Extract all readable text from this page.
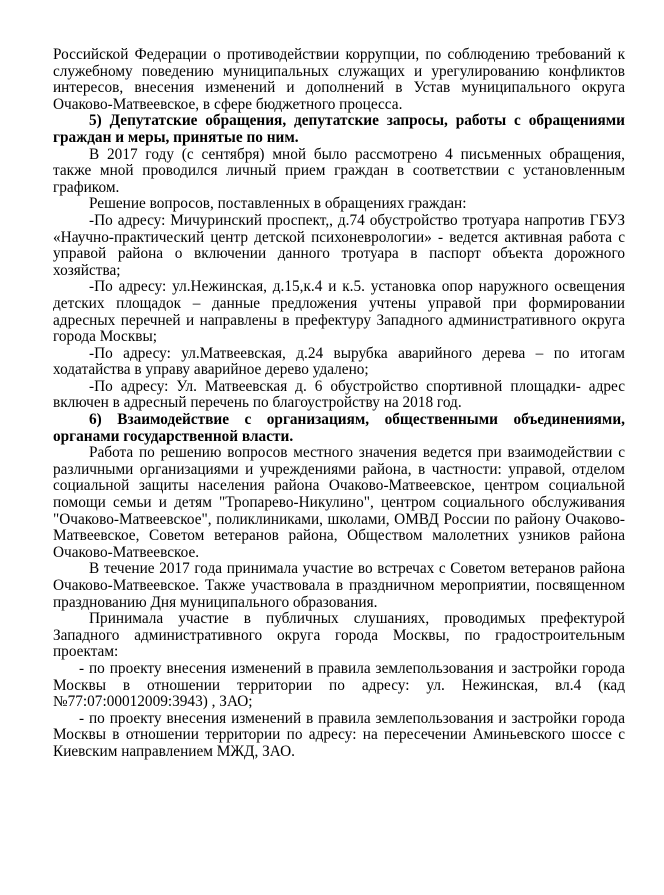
Российской Федерации о противодействии коррупции, по соблюдению требований к служебному поведению муниципальных служащих и урегулированию конфликтов интересов, внесения изменений и дополнений в Устав муниципального округа Очаково-Матвеевское, в сфере бюджетного процесса.

5) Депутатские обращения, депутатские запросы, работы с обращениями граждан и меры, принятые по ним.

В 2017 году (с сентября) мной было рассмотрено 4 письменных обращения, также мной проводился личный прием граждан в соответствии с установленным графиком.

Решение вопросов, поставленных в обращениях граждан:

-По адресу: Мичуринский проспект,, д.74 обустройство тротуара напротив ГБУЗ «Научно-практический центр детской психоневрологии» - ведется активная работа с управой района о включении данного тротуара в паспорт объекта дорожного хозяйства;

-По адресу: ул.Нежинская, д.15,к.4 и к.5. установка опор наружного освещения детских площадок – данные предложения учтены управой при формировании адресных перечней и направлены в префектуру Западного административного округа города Москвы;

-По адресу: ул.Матвеевская, д.24 вырубка аварийного дерева – по итогам ходатайства в управу аварийное дерево удалено;

-По адресу: Ул. Матвеевская д. 6 обустройство спортивной площадки- адрес включен в адресный перечень по благоустройству на 2018 год.

6) Взаимодействие с организациям, общественными объединениями, органами государственной власти.

Работа по решению вопросов местного значения ведется при взаимодействии с различными организациями и учреждениями района, в частности: управой, отделом социальной защиты населения района Очаково-Матвеевское, центром социальной помощи семьи и детям "Тропарево-Никулино", центром социального обслуживания "Очаково-Матвеевское", поликлиниками, школами, ОМВД России по району Очаково-Матвеевское, Советом ветеранов района, Обществом малолетних узников района Очаково-Матвеевское.

В течение 2017 года принимала участие во встречах с Советом ветеранов района Очаково-Матвеевское. Также участвовала в праздничном мероприятии, посвященном празднованию Дня муниципального образования.

Принимала участие в публичных слушаниях, проводимых префектурой Западного административного округа города Москвы, по градостроительным проектам:

- по проекту внесения изменений в правила землепользования и застройки города Москвы в отношении территории по адресу: ул. Нежинская, вл.4 (кад №77:07:00012009:3943) , ЗАО;

- по проекту внесения изменений в правила землепользования и застройки города Москвы в отношении территории по адресу: на пересечении Аминьевского шоссе с Киевским направлением МЖД, ЗАО.
